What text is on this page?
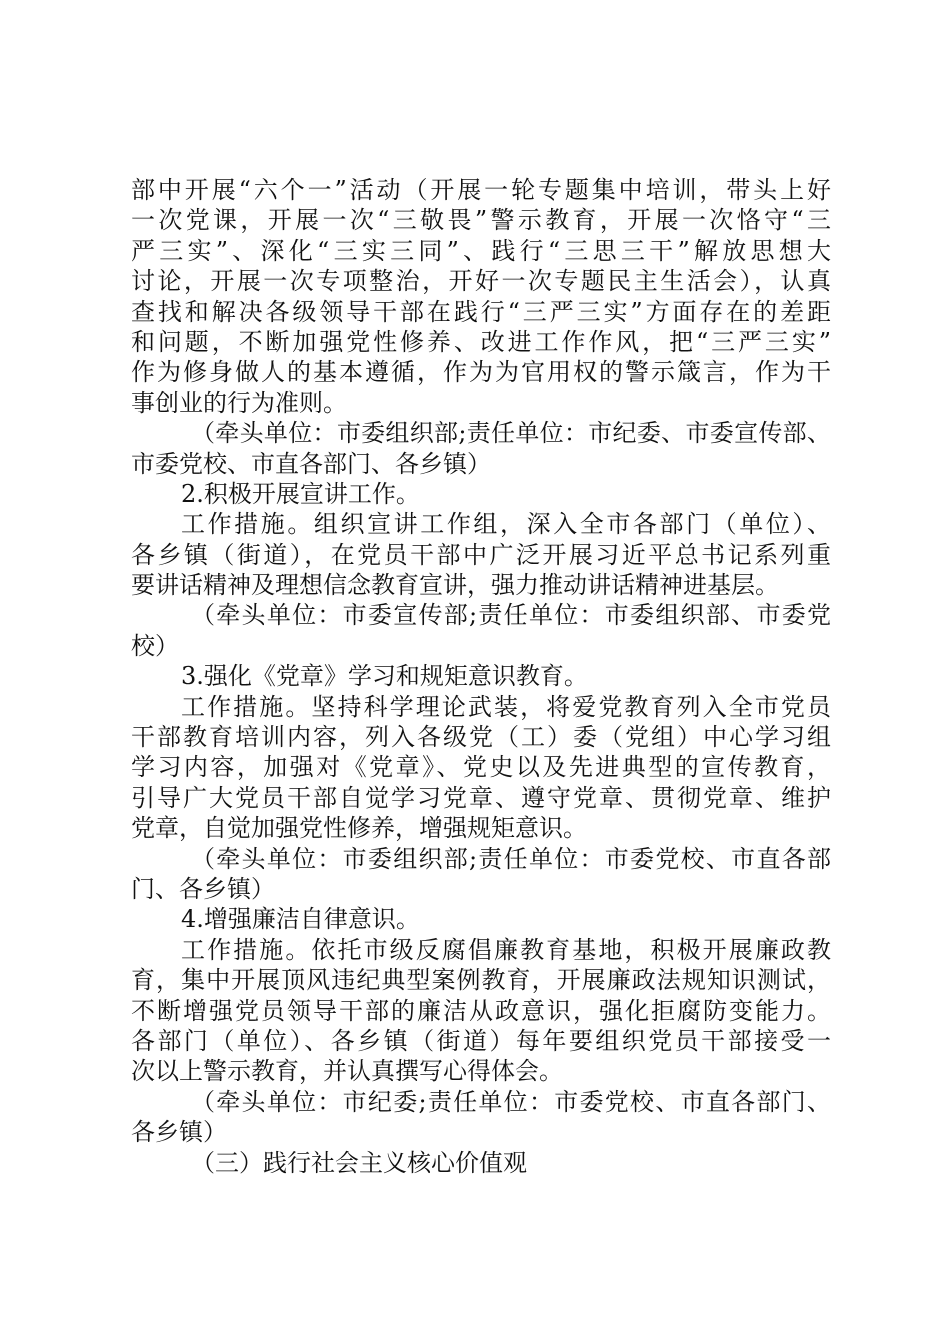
部中开展“六个一”活动（开展一轮专题集中培训，带头上好
一次党课，开展一次“三敬畏”警示教育，开展一次恪守“三
严三实”、深化“三实三同”、践行“三思三干”解放思想大
讨论，开展一次专项整治，开好一次专题民主生活会），认真
查找和解决各级领导干部在践行“三严三实”方面存在的差距
和问题，不断加强党性修养、改进工作作风，把“三严三实”
作为修身做人的基本遵循，作为为官用权的警示箴言，作为干
事创业的行为准则。
（牵头单位：市委组织部;责任单位：市纪委、市委宣传部、
市委党校、市直各部门、各乡镇）
2.积极开展宣讲工作。
工作措施。组织宣讲工作组，深入全市各部门（单位）、
各乡镇（街道），在党员干部中广泛开展习近平总书记系列重
要讲话精神及理想信念教育宣讲，强力推动讲话精神进基层。
（牵头单位：市委宣传部;责任单位：市委组织部、市委党
校）
3.强化《党章》学习和规矩意识教育。
工作措施。坚持科学理论武装，将爱党教育列入全市党员
干部教育培训内容，列入各级党（工）委（党组）中心学习组
学习内容，加强对《党章》、党史以及先进典型的宣传教育，
引导广大党员干部自觉学习党章、遵守党章、贯彻党章、维护
党章，自觉加强党性修养，增强规矩意识。
（牵头单位：市委组织部;责任单位：市委党校、市直各部
门、各乡镇）
4.增强廉洁自律意识。
工作措施。依托市级反腐倡廉教育基地，积极开展廉政教
育，集中开展顶风违纪典型案例教育，开展廉政法规知识测试，
不断增强党员领导干部的廉洁从政意识，强化拒腐防变能力。
各部门（单位）、各乡镇（街道）每年要组织党员干部接受一
次以上警示教育，并认真撰写心得体会。
（牵头单位：市纪委;责任单位：市委党校、市直各部门、
各乡镇）
（三）践行社会主义核心价值观
